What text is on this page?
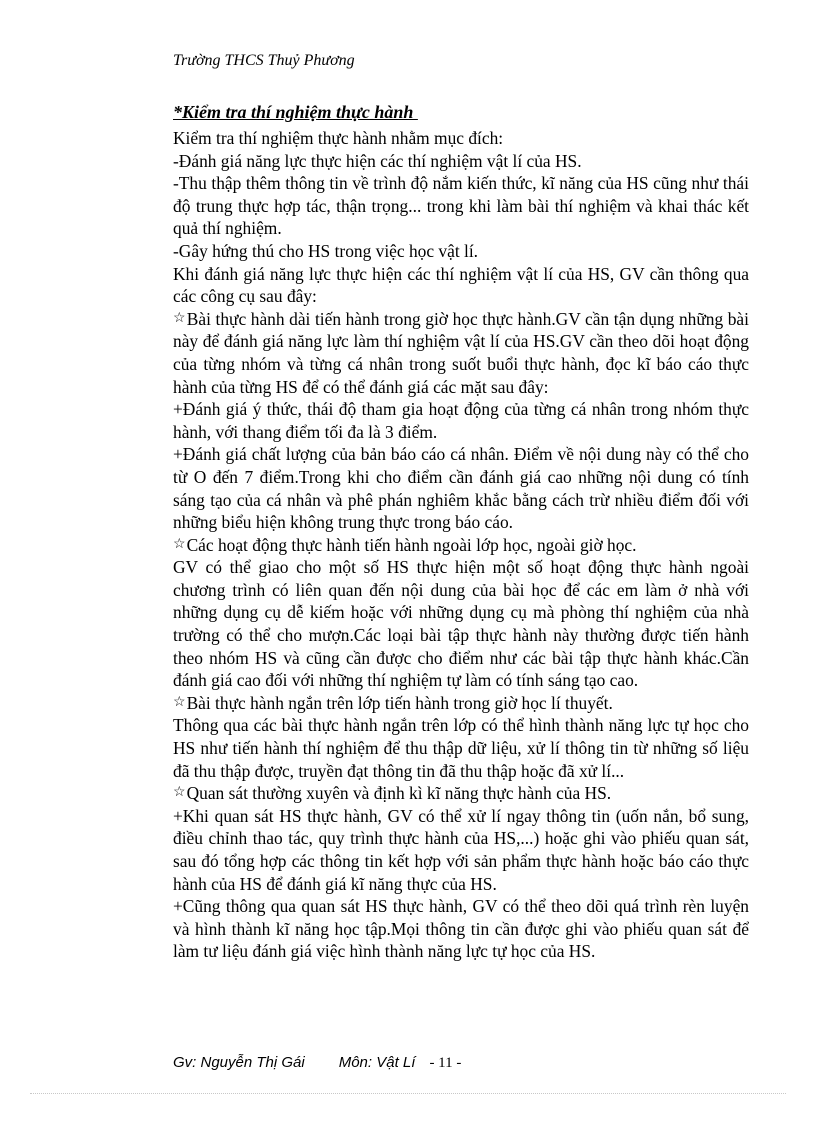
Trường THCS Thuỷ Phương
*Kiểm tra thí nghiệm thực hành

Kiểm tra thí nghiệm thực hành nhằm mục đích:

-Đánh giá năng lực thực hiện các thí nghiệm vật lí của HS.

-Thu thập thêm thông tin về trình độ nắm kiến thức, kĩ năng của HS cũng như thái độ trung thực hợp tác, thận trọng... trong khi làm bài thí nghiệm và khai thác kết quả thí nghiệm.

-Gây hứng thú cho HS trong việc học vật lí.

Khi đánh giá năng lực thực hiện các thí nghiệm vật lí của HS, GV cần thông qua các công cụ sau đây:

☆Bài thực hành dài tiến hành trong giờ học thực hành.GV cần tận dụng những bài này để đánh giá năng lực làm thí nghiệm vật lí của HS.GV cần theo dõi hoạt động của từng nhóm và từng cá nhân trong suốt buổi thực hành, đọc kĩ báo cáo thực hành của từng HS để có thể đánh giá các mặt sau đây:

+Đánh giá ý thức, thái độ tham gia hoạt động của từng cá nhân trong nhóm thực hành, với thang điểm tối đa là 3 điểm.

+Đánh giá chất lượng của bản báo cáo cá nhân. Điểm về nội dung này có thể cho từ O đến 7 điểm.Trong khi cho điểm cần đánh giá cao những nội dung có tính sáng tạo của cá nhân và phê phán nghiêm khắc bằng cách trừ nhiều điểm đối với những biểu hiện không trung thực trong báo cáo.

☆Các hoạt động thực hành tiến hành ngoài lớp học, ngoài giờ học.

GV có thể giao cho một số HS thực hiện một số hoạt động thực hành ngoài chương trình có liên quan đến nội dung của bài học để các em làm ở nhà với những dụng cụ dễ kiếm hoặc với những dụng cụ mà phòng thí nghiệm của nhà trường có thể cho mượn.Các loại bài tập thực hành này thường được tiến hành theo nhóm HS và cũng cần được cho điểm như các bài tập thực hành khác.Cần đánh giá cao đối với những thí nghiệm tự làm có tính sáng tạo cao.

☆Bài thực hành ngắn trên lớp tiến hành trong giờ học lí thuyết.

Thông qua các bài thực hành ngắn trên lớp có thể hình thành năng lực tự học cho HS như tiến hành thí nghiệm để thu thập dữ liệu, xử lí thông tin từ những số liệu đã thu thập được, truyền đạt thông tin đã thu thập hoặc đã xử lí...

☆Quan sát thường xuyên và định kì kĩ năng thực hành của HS.

+Khi quan sát HS thực hành, GV có thể xử lí ngay thông tin (uốn nắn, bổ sung, điều chỉnh thao tác, quy trình thực hành của HS,...) hoặc ghi vào phiếu quan sát, sau đó tổng hợp các thông tin kết hợp với sản phẩm thực hành hoặc báo cáo thực hành của HS để đánh giá kĩ năng thực của HS.

+Cũng thông qua quan sát HS thực hành, GV có thể theo dõi quá trình rèn luyện và hình thành kĩ năng học tập.Mọi thông tin cần được ghi vào phiếu quan sát để làm tư liệu đánh giá việc hình thành năng lực tự học của HS.

Gv: Nguyễn Thị Gái Môn: Vật Lí - 11 -
